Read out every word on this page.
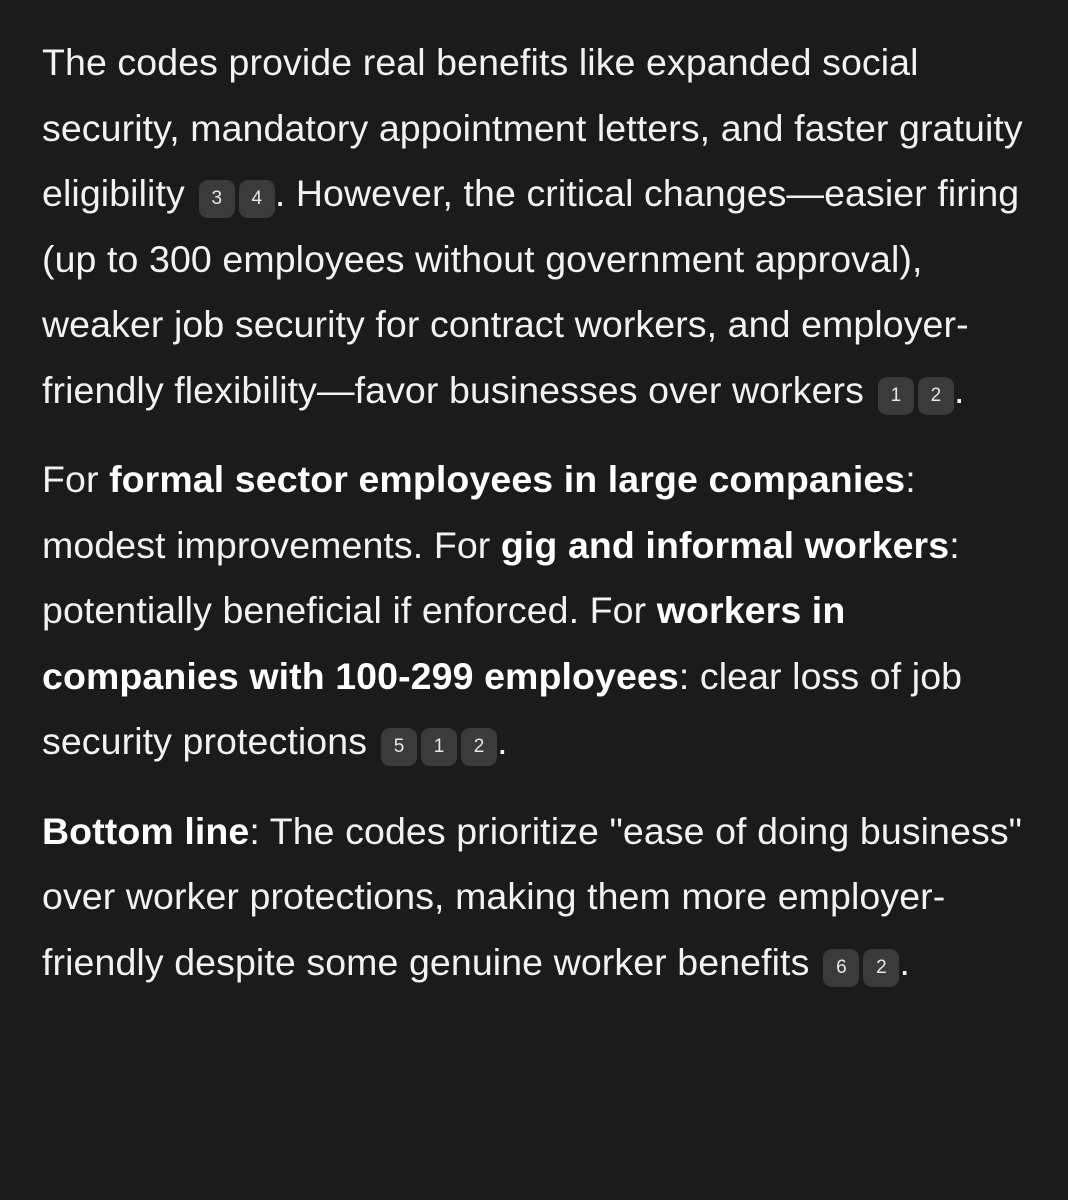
The codes provide real benefits like expanded social security, mandatory appointment letters, and faster gratuity eligibility 3 4 . However, the critical changes—easier firing (up to 300 employees without government approval), weaker job security for contract workers, and employer-friendly flexibility—favor businesses over workers 1 2 .

For formal sector employees in large companies: modest improvements. For gig and informal workers: potentially beneficial if enforced. For workers in companies with 100-299 employees: clear loss of job security protections 5 1 2 .

Bottom line: The codes prioritize "ease of doing business" over worker protections, making them more employer-friendly despite some genuine worker benefits 6 2 .
